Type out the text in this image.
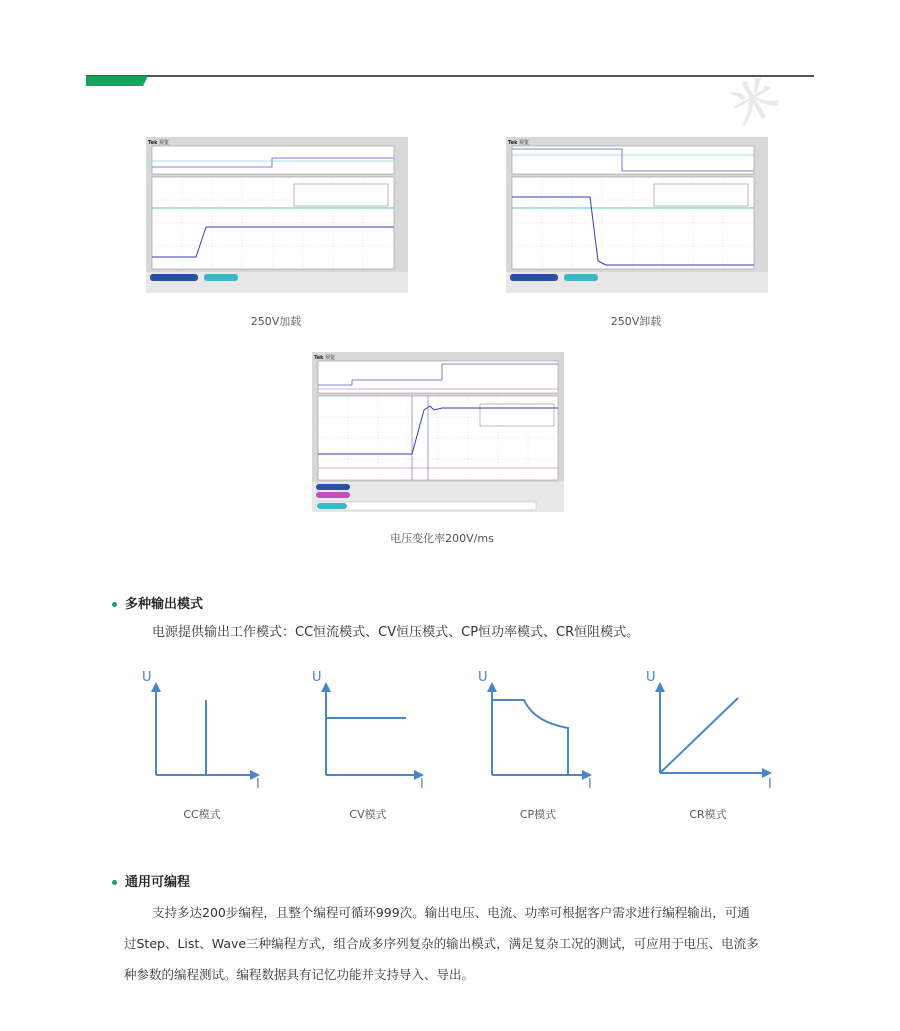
米
Tek 预览
250V加载
Tek 预览
250V卸载
Tek 预览
电压变化率200V/ms
多种输出模式
电源提供输出工作模式：CC恒流模式、CV恒压模式、CP恒功率模式、CR恒阻模式。
U
I
U
I
U
I
U
I
CC模式	CV模式	CP模式	CR模式
通用可编程
支持多达200步编程，且整个编程可循环999次。输出电压、电流、功率可根据客户需求进行编程输出，可通
过Step、List、Wave三种编程方式，组合成多序列复杂的输出模式，满足复杂工况的测试，可应用于电压、电流多
种参数的编程测试。编程数据具有记忆功能并支持导入、导出。
